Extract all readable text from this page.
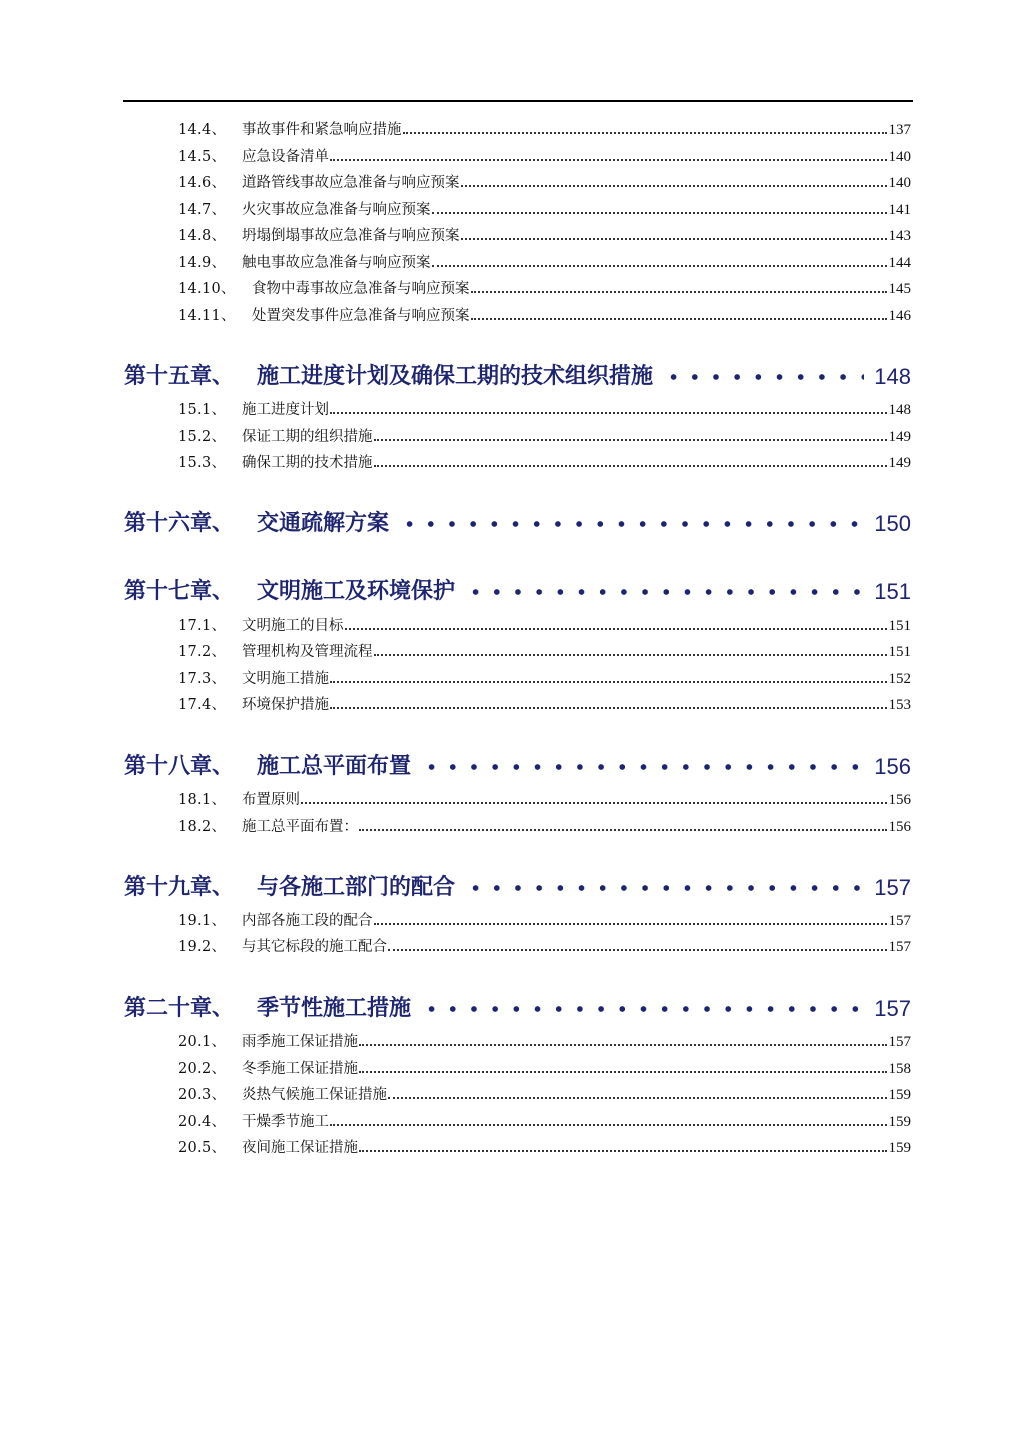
14.4、	事故事件和紧急响应措施	137
14.5、	应急设备清单	140
14.6、	道路管线事故应急准备与响应预案	140
14.7、	火灾事故应急准备与响应预案	141
14.8、	坍塌倒塌事故应急准备与响应预案	143
14.9、	触电事故应急准备与响应预案	144
14.10、	食物中毒事故应急准备与响应预案	145
14.11、	处置突发事件应急准备与响应预案	146
第十五章、	施工进度计划及确保工期的技术组织措施	148
15.1、	施工进度计划	148
15.2、	保证工期的组织措施	149
15.3、	确保工期的技术措施	149
第十六章、	交通疏解方案	150
第十七章、	文明施工及环境保护	151
17.1、	文明施工的目标	151
17.2、	管理机构及管理流程	151
17.3、	文明施工措施	152
17.4、	环境保护措施	153
第十八章、	施工总平面布置	156
18.1、	布置原则	156
18.2、	施工总平面布置：	156
第十九章、	与各施工部门的配合	157
19.1、	内部各施工段的配合	157
19.2、	与其它标段的施工配合	157
第二十章、	季节性施工措施	157
20.1、	雨季施工保证措施	157
20.2、	冬季施工保证措施	158
20.3、	炎热气候施工保证措施	159
20.4、	干燥季节施工	159
20.5、	夜间施工保证措施	159
